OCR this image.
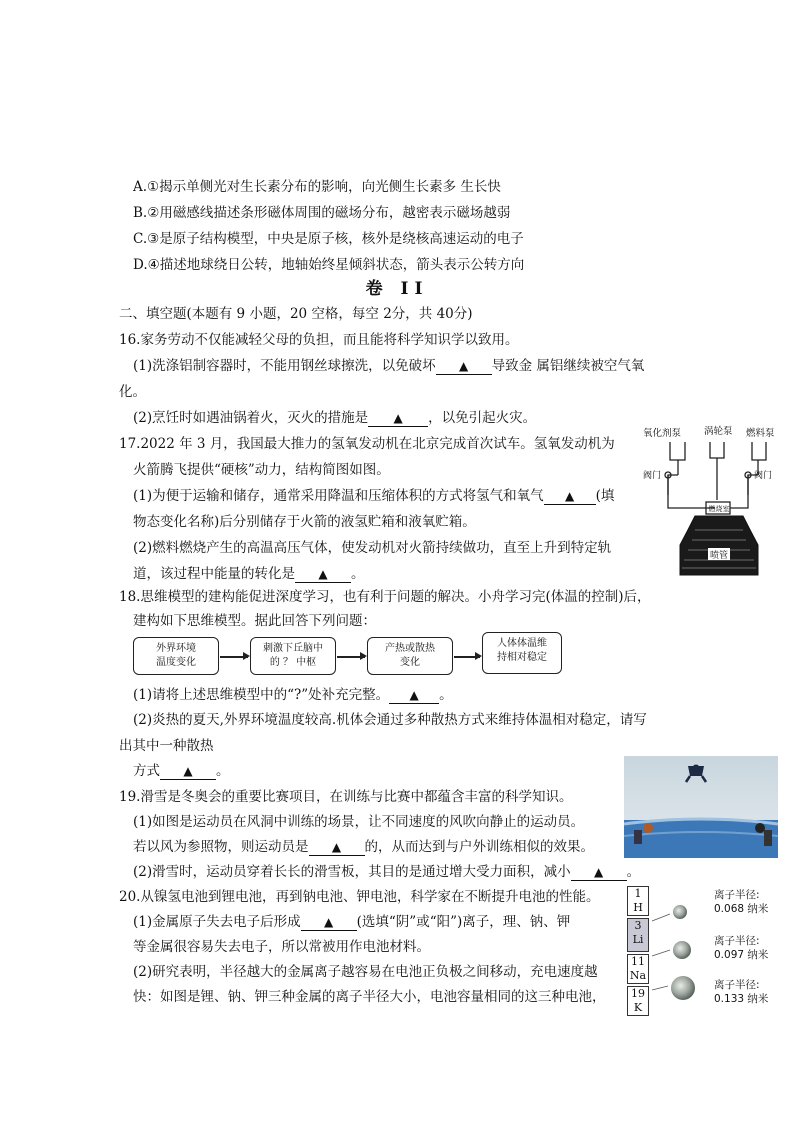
A.①揭示单侧光对生长素分布的影响，向光侧生长素多 生长快
B.②用磁感线描述条形磁体周围的磁场分布，越密表示磁场越弱
C.③是原子结构模型，中央是原子核，核外是绕核高速运动的电子
D.④描述地球绕日公转，地轴始终星倾斜状态，箭头表示公转方向
卷 II
二、填空题(本题有 9 小题，20 空格，每空 2分，共 40分)
16.家务劳动不仅能减轻父母的负担，而且能将科学知识学以致用。
(1)洗涤铝制容器时，不能用钢丝球擦洗，以免破坏 ▲ 导致金 属铝继续被空气氧
化。
(2)烹饪时如遇油锅着火，灭火的措施是 ▲ ，以免引起火灾。
17.2022 年 3 月，我国最大推力的氢氧发动机在北京完成首次试车。氢氧发动机为
火箭腾飞提供“硬核”动力，结构简图如图。
(1)为便于运输和储存，通常采用降温和压缩体积的方式将氢气和氧气 ▲ (填
物态变化名称)后分别储存于火箭的液氢贮箱和液氧贮箱。
(2)燃料燃烧产生的高温高压气体，使发动机对火箭持续做功，直至上升到特定轨
道，该过程中能量的转化是 ▲ 。
喷管
燃烧室
氧化剂泵 涡轮泵 燃料泵
阀门	阀门
18.思维模型的建构能促进深度学习，也有利于问题的解决。小舟学习完(体温的控制)后，
建构如下思维模型。据此回答下列问题：
外界环境
温度变化
刺激下丘脑中
的 ？ 中枢
产热或散热
变化
人体体温维
持相对稳定
(1)请将上述思维模型中的“?”处补充完整。 ▲ 。
(2)炎热的夏天,外界环境温度较高.机体会通过多种散热方式来维持体温相对稳定，请写
出其中一种散热
方式 ▲ 。
19.滑雪是冬奥会的重要比赛项目，在训练与比赛中都蕴含丰富的科学知识。
(1)如图是运动员在风洞中训练的场景，让不同速度的风吹向静止的运动员。
若以风为参照物，则运动员是 ▲ 的，从而达到与户外训练相似的效果。
(2)滑雪时，运动员穿着长长的滑雪板，其目的是通过增大受力面积，减小 ▲ 。
20.从镍氢电池到锂电池，再到钠电池、钾电池，科学家在不断提升电池的性能。
(1)金属原子失去电子后形成 ▲ (选填“阴”或“阳”)离子，理、钠、钾
等金属很容易失去电子，所以常被用作电池材料。
(2)研究表明，半径越大的金属离子越容易在电池正负极之间移动，充电速度越
快：如图是锂、钠、钾三种金属的离子半径大小，电池容量相同的这三种电池，
1
H
3
Li
11
Na
19
K
离子半径:
0.068 纳米
离子半径:
0.097 纳米
离子半径:
0.133 纳米
